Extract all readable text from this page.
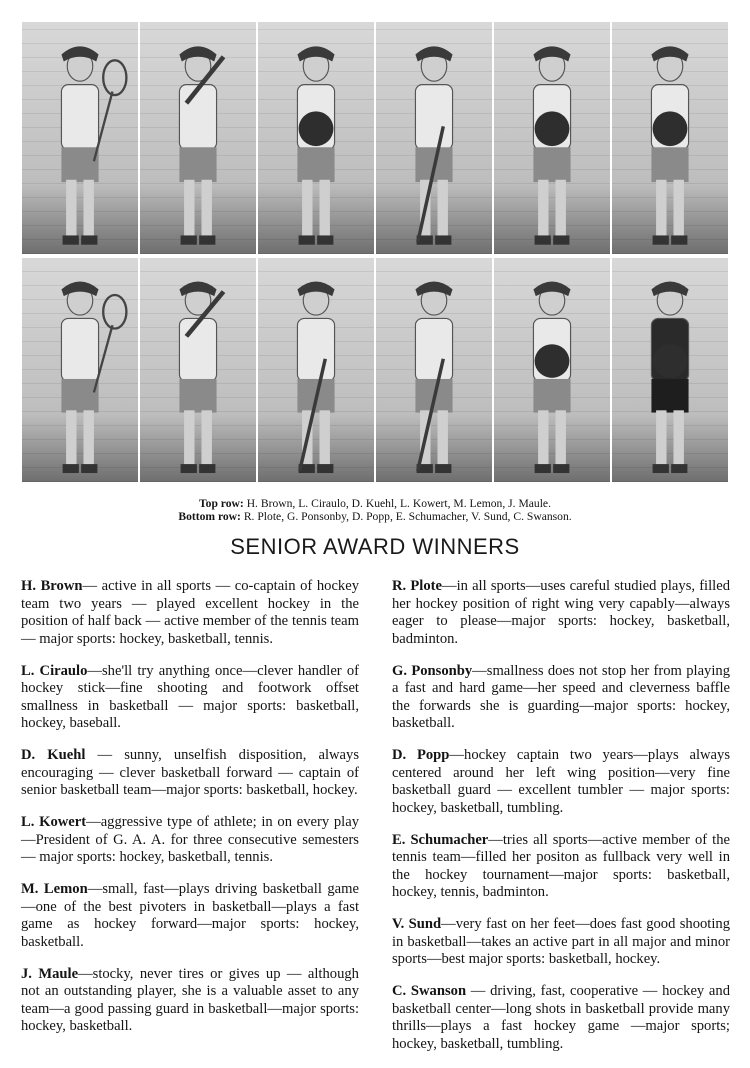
Top row: H. Brown, L. Ciraulo, D. Kuehl, L. Kowert, M. Lemon, J. Maule.
Bottom row: R. Plote, G. Ponsonby, D. Popp, E. Schumacher, V. Sund, C. Swanson.
SENIOR AWARD WINNERS

H. Brown— active in all sports — co-captain of hockey team two years — played excellent hockey in the position of half back — active member of the tennis team — major sports: hockey, basketball, tennis.

L. Ciraulo—she'll try anything once—clever handler of hockey stick—fine shooting and footwork offset smallness in basketball — major sports: basketball, hockey, baseball.

D. Kuehl — sunny, unselfish disposition, always encouraging — clever basketball forward — captain of senior basketball team—major sports: basketball, hockey.

L. Kowert—aggressive type of athlete; in on every play—President of G. A. A. for three consecutive semesters — major sports: hockey, basketball, tennis.

M. Lemon—small, fast—plays driving basketball game—one of the best pivoters in basketball—plays a fast game as hockey forward—major sports: hockey, basketball.

J. Maule—stocky, never tires or gives up — although not an outstanding player, she is a valuable asset to any team—a good passing guard in basketball—major sports: hockey, basketball.

R. Plote—in all sports—uses careful studied plays, filled her hockey position of right wing very capably—always eager to please—major sports: hockey, basketball, badminton.

G. Ponsonby—smallness does not stop her from playing a fast and hard game—her speed and cleverness baffle the forwards she is guarding—major sports: hockey, basketball.

D. Popp—hockey captain two years—plays always centered around her left wing position—very fine basketball guard — excellent tumbler — major sports: hockey, basketball, tumbling.

E. Schumacher—tries all sports—active member of the tennis team—filled her positon as fullback very well in the hockey tournament—major sports: basketball, hockey, tennis, badminton.

V. Sund—very fast on her feet—does fast good shooting in basketball—takes an active part in all major and minor sports—best major sports: basketball, hockey.

C. Swanson — driving, fast, cooperative — hockey and basketball center—long shots in basketball provide many thrills—plays a fast hockey game —major sports; hockey, basketball, tumbling.
